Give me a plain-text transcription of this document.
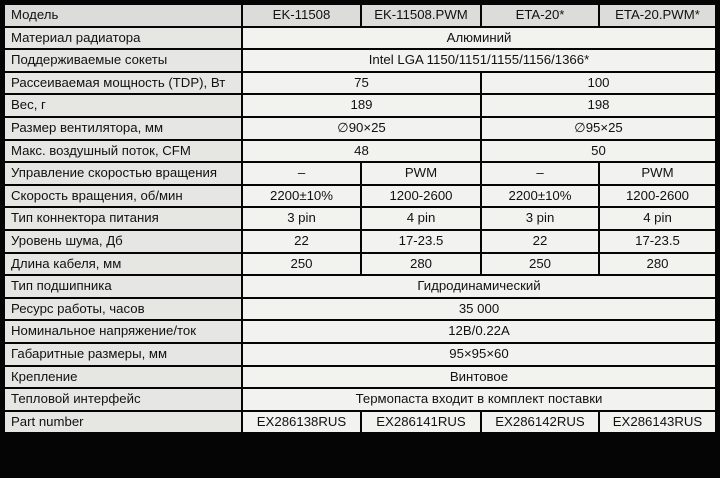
Модель	EK-11508	EK-11508.PWM	ETA-20*	ETA-20.PWM*
Материал радиатора	Алюминий			
Поддерживаемые сокеты	Intel LGA 1150/1151/1155/1156/1366*			
Рассеиваемая мощность (TDP), Вт	75		100	
Вес, г	189		198	
Размер вентилятора, мм	∅90×25		∅95×25	
Макс. воздушный поток, CFM	48		50	
Управление скоростью вращения	–	PWM	–	PWM
Скорость вращения, об/мин	2200±10%	1200-2600	2200±10%	1200-2600
Тип коннектора питания	3 pin	4 pin	3 pin	4 pin
Уровень шума, Дб	22	17-23.5	22	17-23.5
Длина кабеля, мм	250	280	250	280
Тип подшипника	Гидродинамический			
Ресурс работы, часов	35 000			
Номинальное напряжение/ток	12В/0.22А			
Габаритные размеры, мм	95×95×60			
Крепление	Винтовое			
Тепловой интерфейс	Термопаста входит в комплект поставки			
Part number	EX286138RUS	EX286141RUS	EX286142RUS	EX286143RUS
